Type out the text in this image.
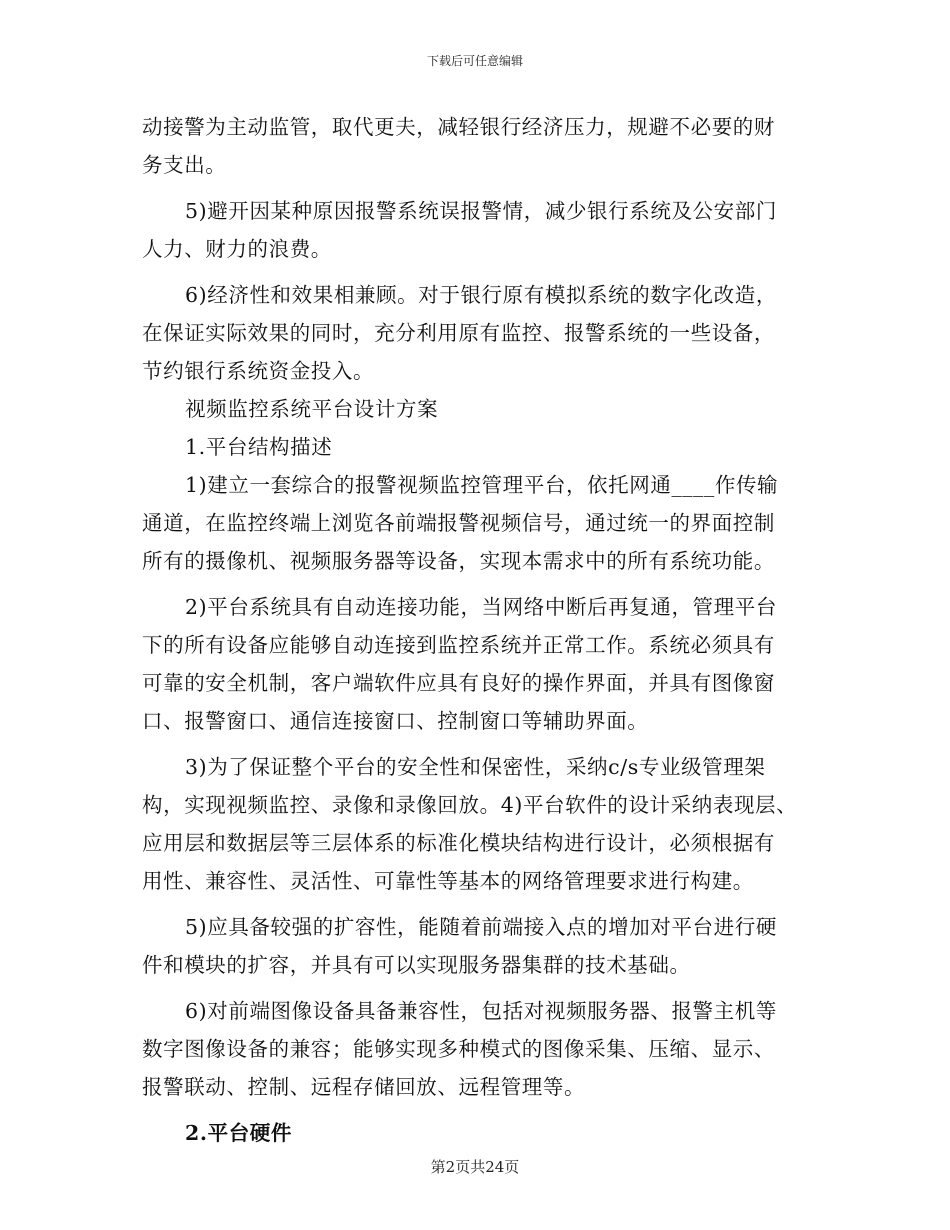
下载后可任意编辑
动接警为主动监管，取代更夫，减轻银行经济压力，规避不必要的财
务支出。
5)避开因某种原因报警系统误报警情，减少银行系统及公安部门
人力、财力的浪费。
6)经济性和效果相兼顾。对于银行原有模拟系统的数字化改造，
在保证实际效果的同时，充分利用原有监控、报警系统的一些设备，
节约银行系统资金投入。
视频监控系统平台设计方案
1.平台结构描述
1)建立一套综合的报警视频监控管理平台，依托网通____作传输
通道，在监控终端上浏览各前端报警视频信号，通过统一的界面控制
所有的摄像机、视频服务器等设备，实现本需求中的所有系统功能。
2)平台系统具有自动连接功能，当网络中断后再复通，管理平台
下的所有设备应能够自动连接到监控系统并正常工作。系统必须具有
可靠的安全机制，客户端软件应具有良好的操作界面，并具有图像窗
口、报警窗口、通信连接窗口、控制窗口等辅助界面。
3)为了保证整个平台的安全性和保密性，采纳c/s专业级管理架
构，实现视频监控、录像和录像回放。4)平台软件的设计采纳表现层、
应用层和数据层等三层体系的标准化模块结构进行设计，必须根据有
用性、兼容性、灵活性、可靠性等基本的网络管理要求进行构建。
5)应具备较强的扩容性，能随着前端接入点的增加对平台进行硬
件和模块的扩容，并具有可以实现服务器集群的技术基础。
6)对前端图像设备具备兼容性，包括对视频服务器、报警主机等
数字图像设备的兼容；能够实现多种模式的图像采集、压缩、显示、
报警联动、控制、远程存储回放、远程管理等。
2.平台硬件
第2页共24页
